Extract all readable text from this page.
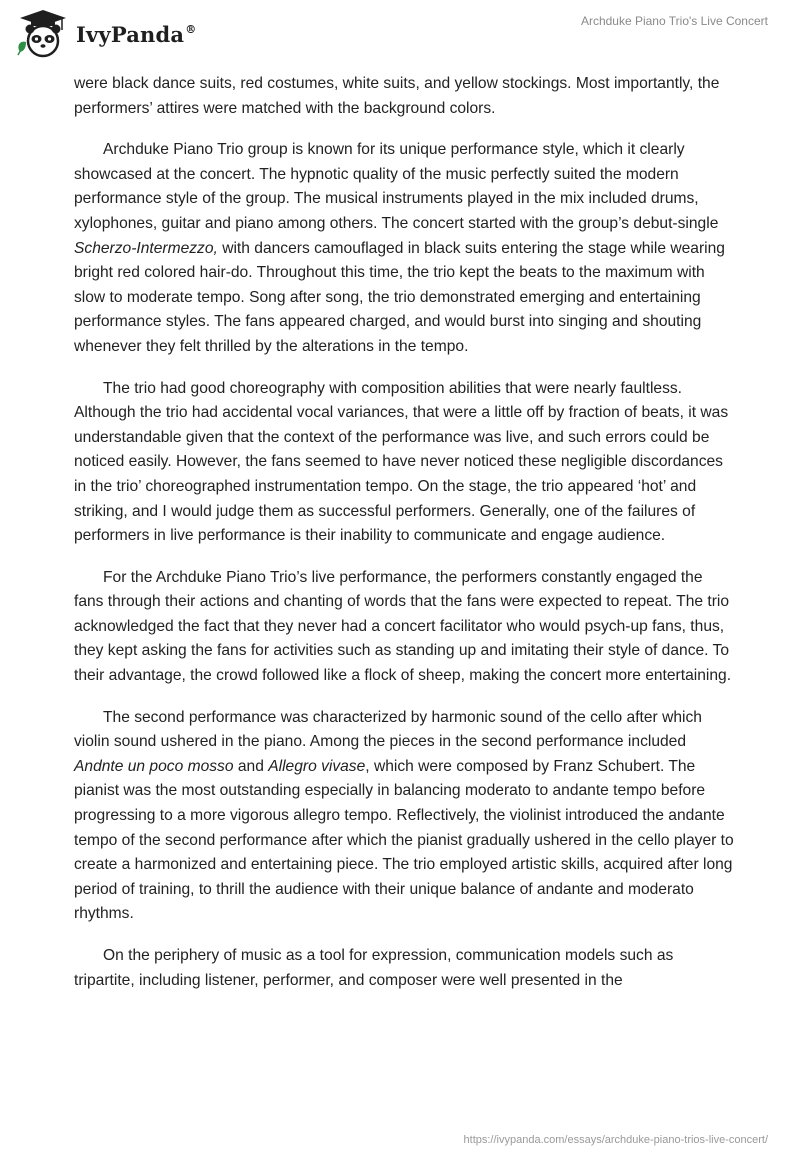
IvyPanda®
Archduke Piano Trio's Live Concert

were black dance suits, red costumes, white suits, and yellow stockings. Most importantly, the performers’ attires were matched with the background colors.

Archduke Piano Trio group is known for its unique performance style, which it clearly showcased at the concert. The hypnotic quality of the music perfectly suited the modern performance style of the group. The musical instruments played in the mix included drums, xylophones, guitar and piano among others. The concert started with the group’s debut-single Scherzo-Intermezzo, with dancers camouflaged in black suits entering the stage while wearing bright red colored hair-do. Throughout this time, the trio kept the beats to the maximum with slow to moderate tempo. Song after song, the trio demonstrated emerging and entertaining performance styles. The fans appeared charged, and would burst into singing and shouting whenever they felt thrilled by the alterations in the tempo.

The trio had good choreography with composition abilities that were nearly faultless. Although the trio had accidental vocal variances, that were a little off by fraction of beats, it was understandable given that the context of the performance was live, and such errors could be noticed easily. However, the fans seemed to have never noticed these negligible discordances in the trio’ choreographed instrumentation tempo. On the stage, the trio appeared ‘hot’ and striking, and I would judge them as successful performers. Generally, one of the failures of performers in live performance is their inability to communicate and engage audience.

For the Archduke Piano Trio’s live performance, the performers constantly engaged the fans through their actions and chanting of words that the fans were expected to repeat. The trio acknowledged the fact that they never had a concert facilitator who would psych-up fans, thus, they kept asking the fans for activities such as standing up and imitating their style of dance. To their advantage, the crowd followed like a flock of sheep, making the concert more entertaining.

The second performance was characterized by harmonic sound of the cello after which violin sound ushered in the piano. Among the pieces in the second performance included Andnte un poco mosso and Allegro vivase, which were composed by Franz Schubert. The pianist was the most outstanding especially in balancing moderato to andante tempo before progressing to a more vigorous allegro tempo. Reflectively, the violinist introduced the andante tempo of the second performance after which the pianist gradually ushered in the cello player to create a harmonized and entertaining piece. The trio employed artistic skills, acquired after long period of training, to thrill the audience with their unique balance of andante and moderato rhythms.

On the periphery of music as a tool for expression, communication models such as tripartite, including listener, performer, and composer were well presented in the

https://ivypanda.com/essays/archduke-piano-trios-live-concert/
